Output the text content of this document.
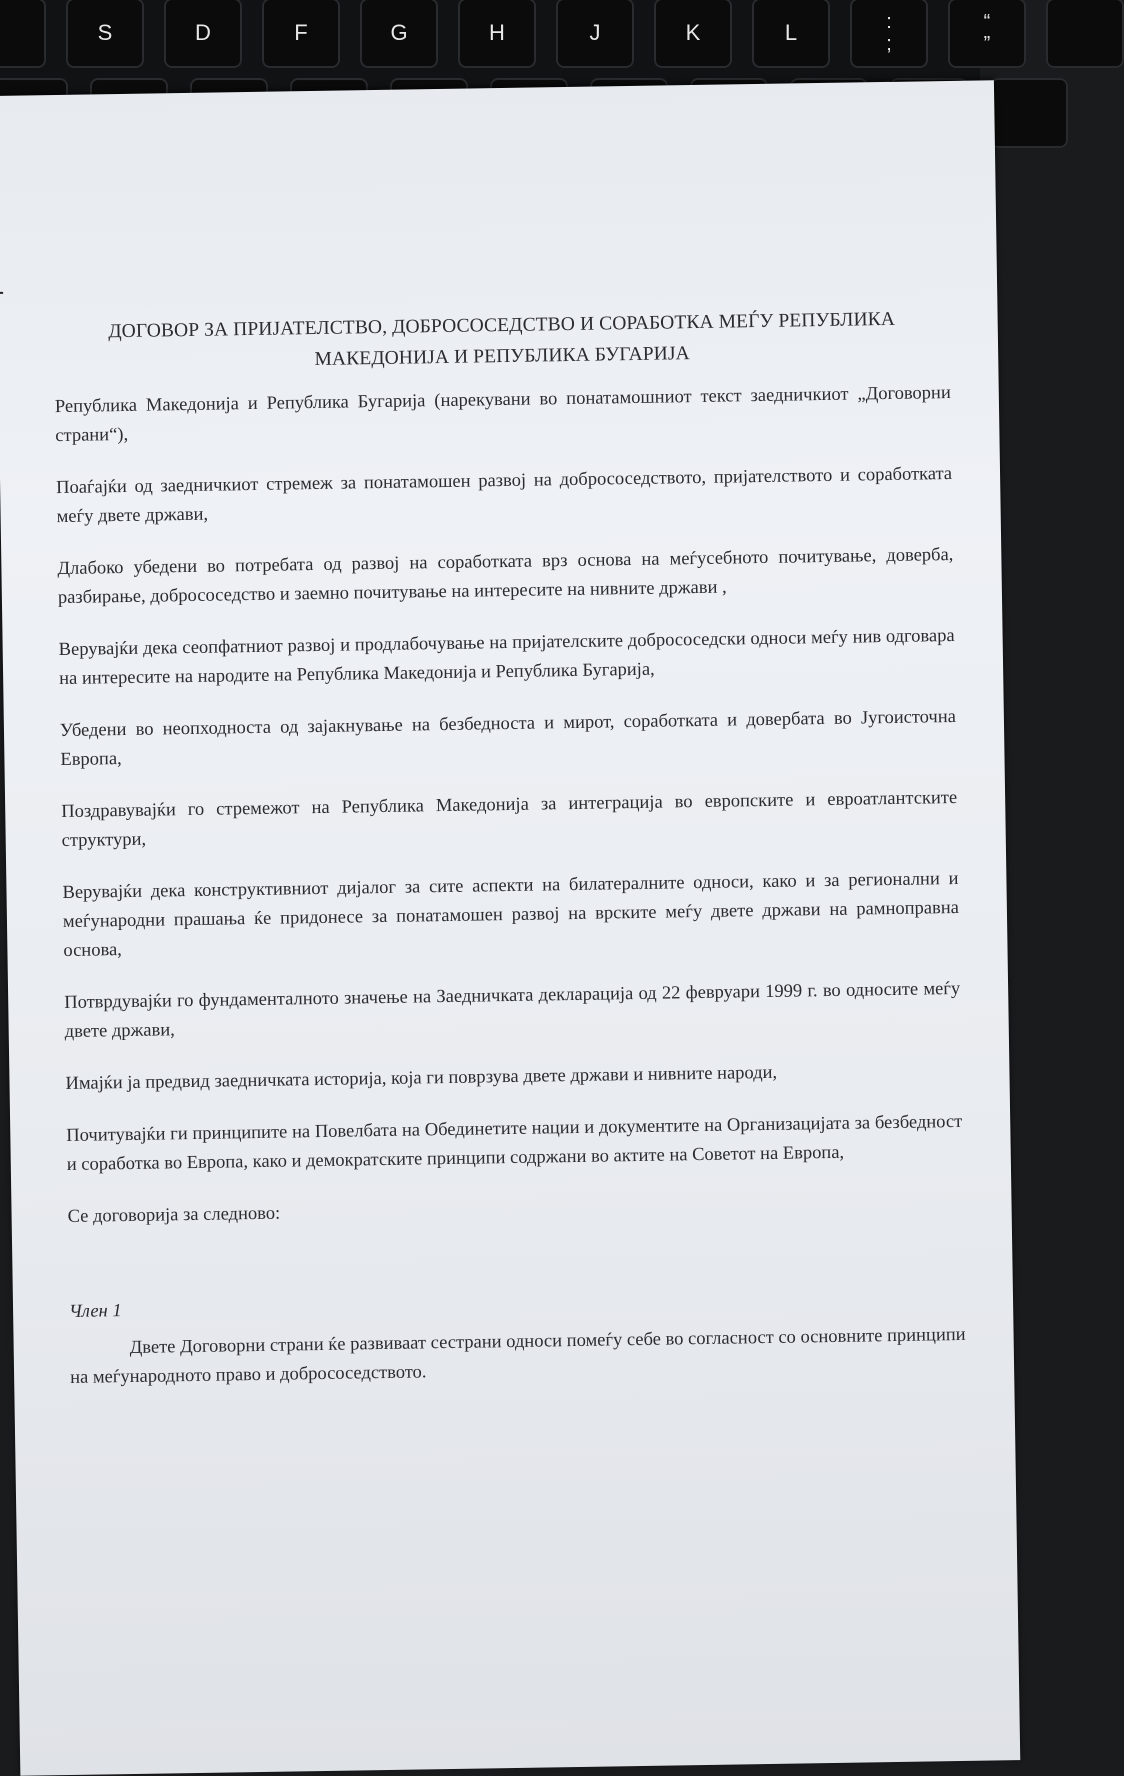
S	D	F	G	H	J	K	L	:
;
“
”
ДОГОВОР ЗА ПРИЈАТЕЛСТВО, ДОБРОСОСЕДСТВО И СОРАБОТКА МЕЃУ РЕПУБЛИКА МАКЕДОНИЈА И РЕПУБЛИКА БУГАРИЈА

Република Македонија и Република Бугарија (нарекувани во понатамошниот текст заедничкиот „Договорни страни“),

Поаѓајќи од заедничкиот стремеж за понатамошен развој на добрососедството, пријателството и соработката меѓу двете држави,

Длабоко убедени во потребата од развој на соработката врз основа на меѓусебното почитување, доверба, разбирање, добрососедство и заемно почитување на интересите на нивните држави ,

Верувајќи дека сеопфатниот развој и продлабочување на пријателските добрососедски односи меѓу нив одговара на интересите на народите на Република Македонија и Република Бугарија,

Убедени во неопходноста од зајакнување на безбедноста и мирот, соработката и довербата во Југоисточна Европа,

Поздравувајќи го стремежот на Република Македонија за интеграција во европските и евроатлантските структури,

Верувајќи дека конструктивниот дијалог за сите аспекти на билатералните односи, како и за регионални и меѓународни прашања ќе придонесе за понатамошен развој на врските меѓу двете држави на рамноправна основа,

Потврдувајќи го фундаменталното значење на Заедничката декларација од 22 февруари 1999 г. во односите меѓу двете држави,

Имајќи ја предвид заедничката историја, која ги поврзува двете држави и нивните народи,

Почитувајќи ги принципите на Повелбата на Обединетите нации и документите на Организацијата за безбедност и соработка во Европа, како и демократските принципи содржани во актите на Советот на Европа,

Се договорија за следново:

Член 1

Двете Договорни страни ќе развиваат сестрани односи помеѓу себе во согласност со основните принципи на меѓународното право и добрососедството.
